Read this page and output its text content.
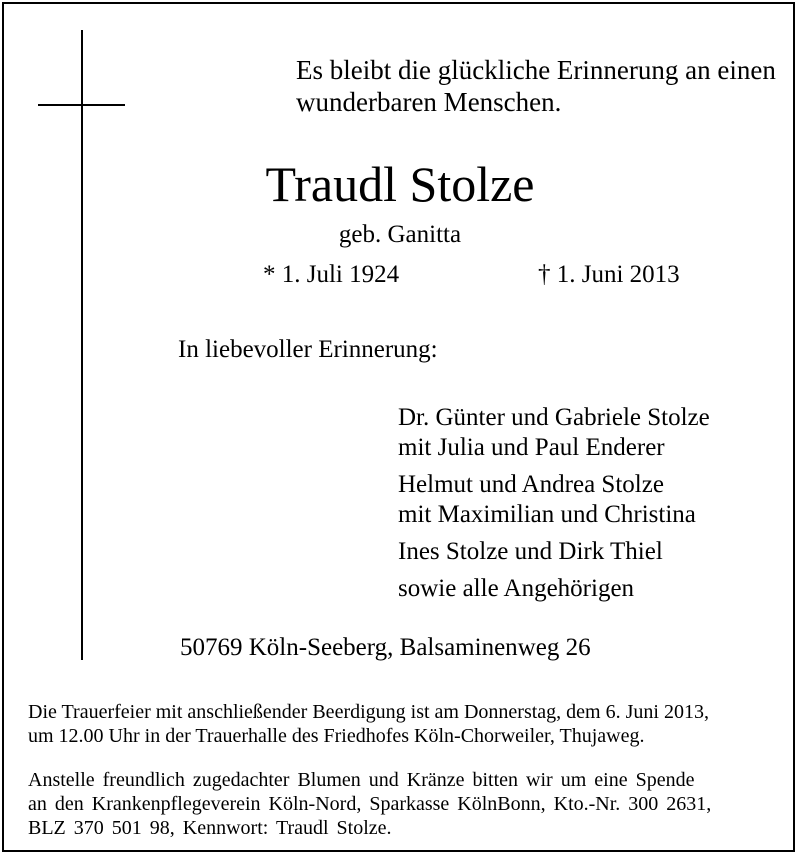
Es bleibt die glückliche Erinnerung an einen
wunderbaren Menschen.
Traudl Stolze
geb. Ganitta
* 1. Juli 1924	† 1. Juni 2013
In liebevoller Erinnerung:
Dr. Günter und Gabriele Stolze
mit Julia und Paul Enderer
Helmut und Andrea Stolze
mit Maximilian und Christina
Ines Stolze und Dirk Thiel
sowie alle Angehörigen
50769 Köln-Seeberg, Balsaminenweg 26
Die Trauerfeier mit anschließender Beerdigung ist am Donnerstag, dem 6. Juni 2013,
um 12.00 Uhr in der Trauerhalle des Friedhofes Köln-Chorweiler, Thujaweg.
Anstelle freundlich zugedachter Blumen und Kränze bitten wir um eine Spende
an den Krankenpflegeverein Köln-Nord, Sparkasse KölnBonn, Kto.-Nr. 300 2631,
BLZ 370 501 98, Kennwort: Traudl Stolze.
